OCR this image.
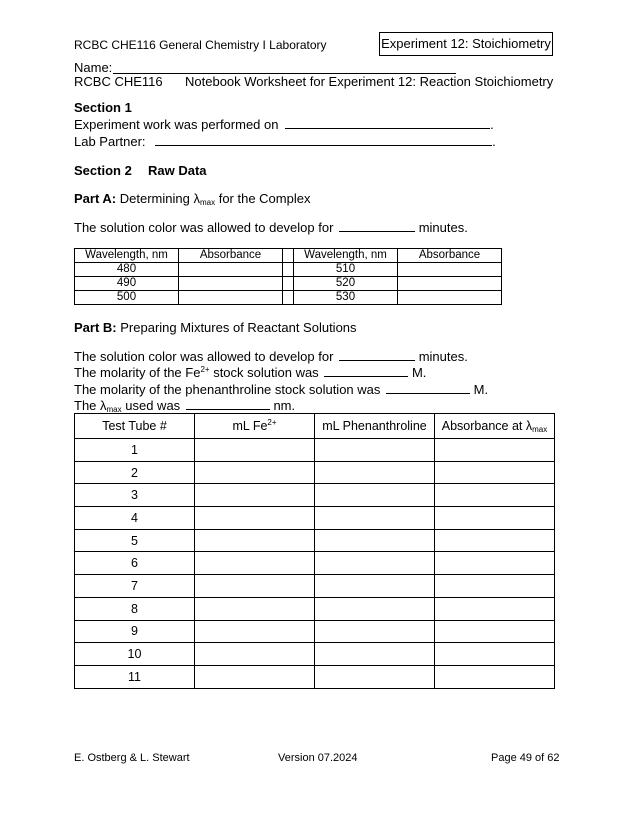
RCBC CHE116 General Chemistry I Laboratory	Experiment 12: Stoichiometry
Name:
RCBC CHE116 Notebook Worksheet for Experiment 12: Reaction Stoichiometry
Section 1
Experiment work was performed on	.
Lab Partner:	.
Section 2 Raw Data
Part A: Determining $\lambda_{max}$ for the Complex
The solution color was allowed to develop for	minutes.
Wavelength, nm	Absorbance		Wavelength, nm	Absorbance
480			510	
490			520	
500			530	
Part B: Preparing Mixtures of Reactant Solutions
The solution color was allowed to develop for	minutes.
The molarity of the $Fe^{2+}$ stock solution was	M.
The molarity of the phenanthroline stock solution was	M.
The $\lambda_{max}$ used was	nm.
Test Tube #	mL $Fe^{2+}$	mL Phenanthroline	Absorbance at $\lambda_{max}$
1			
2			
3			
4			
5			
6			
7			
8			
9			
10			
11			
E. Ostberg & L. Stewart	Version 07.2024	Page 49 of 62
